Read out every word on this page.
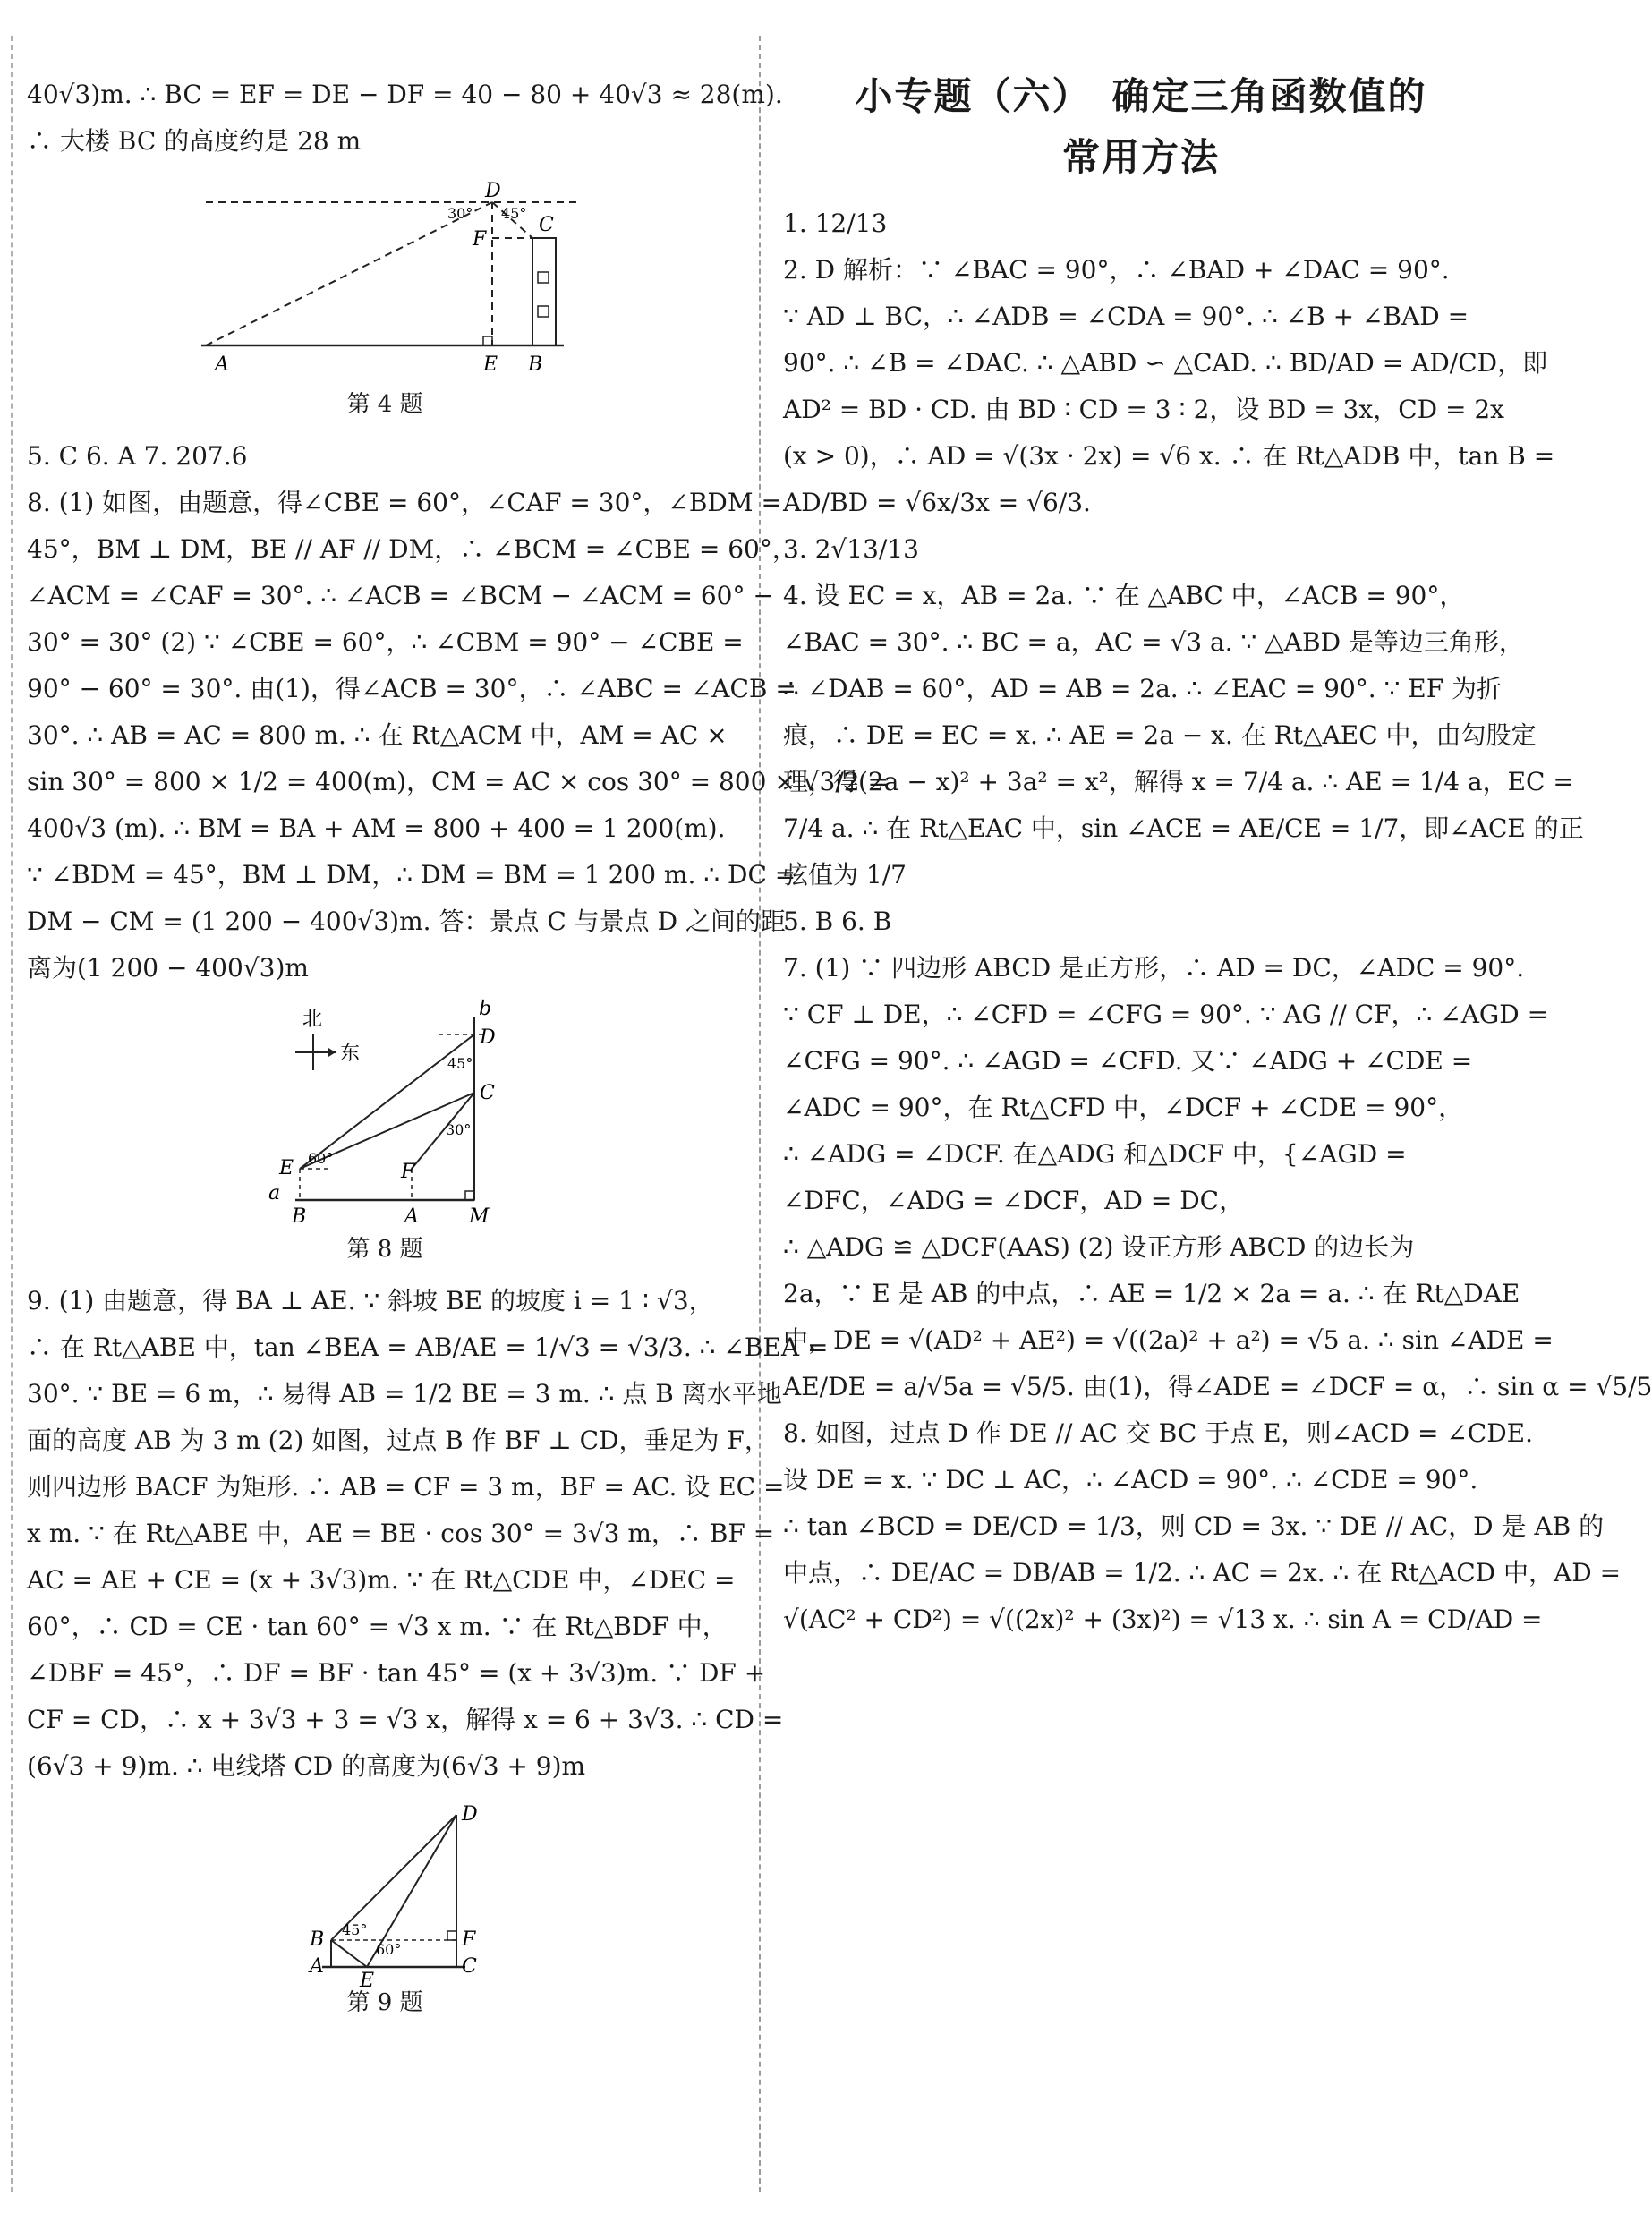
40√3)m. ∴ BC = EF = DE − DF = 40 − 80 + 40√3 ≈ 28(m).
∴ 大楼 BC 的高度约是 28 m
D
30° 45°
C
F
A	E B
第 4 题
5. C 6. A 7. 207.6
8. (1) 如图，由题意，得∠CBE = 60°，∠CAF = 30°，∠BDM =
45°，BM ⊥ DM，BE // AF // DM，∴ ∠BCM = ∠CBE = 60°，
∠ACM = ∠CAF = 30°. ∴ ∠ACB = ∠BCM − ∠ACM = 60° −
30° = 30° (2) ∵ ∠CBE = 60°，∴ ∠CBM = 90° − ∠CBE =
90° − 60° = 30°. 由(1)，得∠ACB = 30°，∴ ∠ABC = ∠ACB =
30°. ∴ AB = AC = 800 m. ∴ 在 Rt△ACM 中，AM = AC ×
sin 30° = 800 × 1/2 = 400(m)，CM = AC × cos 30° = 800 × √3/2 =
400√3 (m). ∴ BM = BA + AM = 800 + 400 = 1 200(m).
∵ ∠BDM = 45°，BM ⊥ DM，∴ DM = BM = 1 200 m. ∴ DC =
DM − CM = (1 200 − 400√3)m. 答：景点 C 与景点 D 之间的距
离为(1 200 − 400√3)m
北
东
b
D
45°
C
30°
E 60°
F
a
B	A	M
第 8 题
9. (1) 由题意，得 BA ⊥ AE. ∵ 斜坡 BE 的坡度 i = 1 ∶ √3，
∴ 在 Rt△ABE 中，tan ∠BEA = AB/AE = 1/√3 = √3/3. ∴ ∠BEA =
30°. ∵ BE = 6 m，∴ 易得 AB = 1/2 BE = 3 m. ∴ 点 B 离水平地
面的高度 AB 为 3 m (2) 如图，过点 B 作 BF ⊥ CD，垂足为 F，
则四边形 BACF 为矩形. ∴ AB = CF = 3 m，BF = AC. 设 EC =
x m. ∵ 在 Rt△ABE 中，AE = BE · cos 30° = 3√3 m，∴ BF =
AC = AE + CE = (x + 3√3)m. ∵ 在 Rt△CDE 中，∠DEC =
60°，∴ CD = CE · tan 60° = √3 x m. ∵ 在 Rt△BDF 中，
∠DBF = 45°，∴ DF = BF · tan 45° = (x + 3√3)m. ∵ DF +
CF = CD，∴ x + 3√3 + 3 = √3 x，解得 x = 6 + 3√3. ∴ CD =
(6√3 + 9)m. ∴ 电线塔 CD 的高度为(6√3 + 9)m
D
B 45°
60°	F
A
E
C
第 9 题
小专题（六）　确定三角函数值的
常用方法
1. 12/13
2. D 解析：∵ ∠BAC = 90°，∴ ∠BAD + ∠DAC = 90°.
∵ AD ⊥ BC，∴ ∠ADB = ∠CDA = 90°. ∴ ∠B + ∠BAD =
90°. ∴ ∠B = ∠DAC. ∴ △ABD ∽ △CAD. ∴ BD/AD = AD/CD，即
AD² = BD · CD. 由 BD ∶ CD = 3 ∶ 2，设 BD = 3x，CD = 2x
(x > 0)，∴ AD = √(3x · 2x) = √6 x. ∴ 在 Rt△ADB 中，tan B =
AD/BD = √6x/3x = √6/3.
3. 2√13/13
4. 设 EC = x，AB = 2a. ∵ 在 △ABC 中，∠ACB = 90°，
∠BAC = 30°. ∴ BC = a，AC = √3 a. ∵ △ABD 是等边三角形，
∴ ∠DAB = 60°，AD = AB = 2a. ∴ ∠EAC = 90°. ∵ EF 为折
痕，∴ DE = EC = x. ∴ AE = 2a − x. 在 Rt△AEC 中，由勾股定
理，得(2a − x)² + 3a² = x²，解得 x = 7/4 a. ∴ AE = 1/4 a，EC =
7/4 a. ∴ 在 Rt△EAC 中，sin ∠ACE = AE/CE = 1/7，即∠ACE 的正
弦值为 1/7
5. B 6. B
7. (1) ∵ 四边形 ABCD 是正方形，∴ AD = DC，∠ADC = 90°.
∵ CF ⊥ DE，∴ ∠CFD = ∠CFG = 90°. ∵ AG // CF，∴ ∠AGD =
∠CFG = 90°. ∴ ∠AGD = ∠CFD. 又∵ ∠ADG + ∠CDE =
∠ADC = 90°，在 Rt△CFD 中，∠DCF + ∠CDE = 90°，
∴ ∠ADG = ∠DCF. 在△ADG 和△DCF 中，{∠AGD = ∠DFC，∠ADG = ∠DCF，AD = DC，
∴ △ADG ≌ △DCF(AAS) (2) 设正方形 ABCD 的边长为
2a，∵ E 是 AB 的中点，∴ AE = 1/2 × 2a = a. ∴ 在 Rt△DAE
中，DE = √(AD² + AE²) = √((2a)² + a²) = √5 a. ∴ sin ∠ADE =
AE/DE = a/√5a = √5/5. 由(1)，得∠ADE = ∠DCF = α，∴ sin α = √5/5
8. 如图，过点 D 作 DE // AC 交 BC 于点 E，则∠ACD = ∠CDE.
设 DE = x. ∵ DC ⊥ AC，∴ ∠ACD = 90°. ∴ ∠CDE = 90°.
∴ tan ∠BCD = DE/CD = 1/3，则 CD = 3x. ∵ DE // AC，D 是 AB 的
中点，∴ DE/AC = DB/AB = 1/2. ∴ AC = 2x. ∴ 在 Rt△ACD 中，AD =
√(AC² + CD²) = √((2x)² + (3x)²) = √13 x. ∴ sin A = CD/AD =
